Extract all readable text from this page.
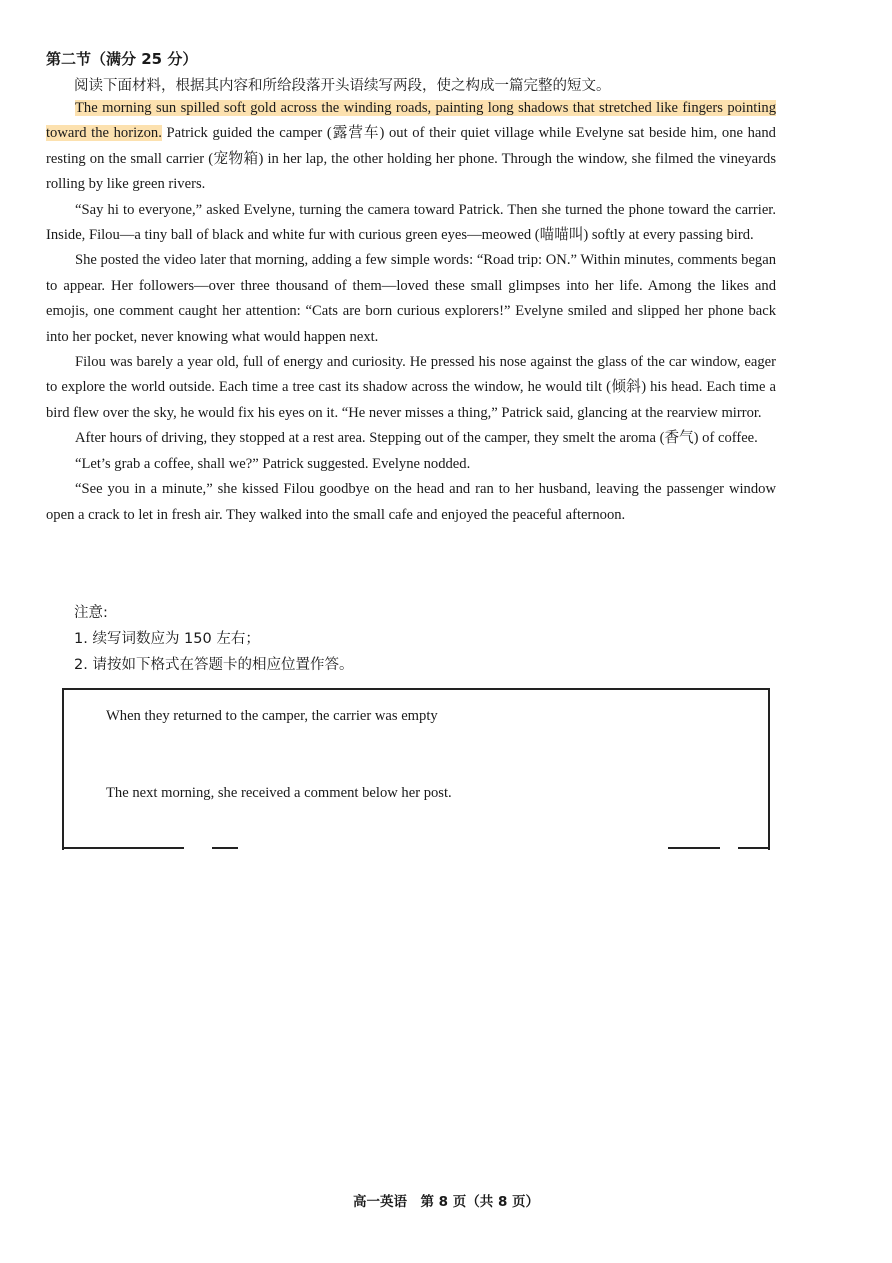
第二节（满分 25 分）
阅读下面材料，根据其内容和所给段落开头语续写两段，使之构成一篇完整的短文。

The morning sun spilled soft gold across the winding roads, painting long shadows that stretched like fingers pointing toward the horizon. Patrick guided the camper (露营车) out of their quiet village while Evelyne sat beside him, one hand resting on the small carrier (宠物箱) in her lap, the other holding her phone. Through the window, she filmed the vineyards rolling by like green rivers.

“Say hi to everyone,” asked Evelyne, turning the camera toward Patrick. Then she turned the phone toward the carrier. Inside, Filou—a tiny ball of black and white fur with curious green eyes—meowed (喵喵叫) softly at every passing bird.

She posted the video later that morning, adding a few simple words: “Road trip: ON.” Within minutes, comments began to appear. Her followers—over three thousand of them—loved these small glimpses into her life. Among the likes and emojis, one comment caught her attention: “Cats are born curious explorers!” Evelyne smiled and slipped her phone back into her pocket, never knowing what would happen next.

Filou was barely a year old, full of energy and curiosity. He pressed his nose against the glass of the car window, eager to explore the world outside. Each time a tree cast its shadow across the window, he would tilt (倾斜) his head. Each time a bird flew over the sky, he would fix his eyes on it. “He never misses a thing,” Patrick said, glancing at the rearview mirror.

After hours of driving, they stopped at a rest area. Stepping out of the camper, they smelt the aroma (香气) of coffee.

“Let’s grab a coffee, shall we?” Patrick suggested. Evelyne nodded.

“See you in a minute,” she kissed Filou goodbye on the head and ran to her husband, leaving the passenger window open a crack to let in fresh air. They walked into the small cafe and enjoyed the peaceful afternoon.

注意:
1. 续写词数应为 150 左右；
2. 请按如下格式在答题卡的相应位置作答。
When they returned to the camper, the carrier was empty
The next morning, she received a comment below her post.
高一英语　第 8 页（共 8 页）
